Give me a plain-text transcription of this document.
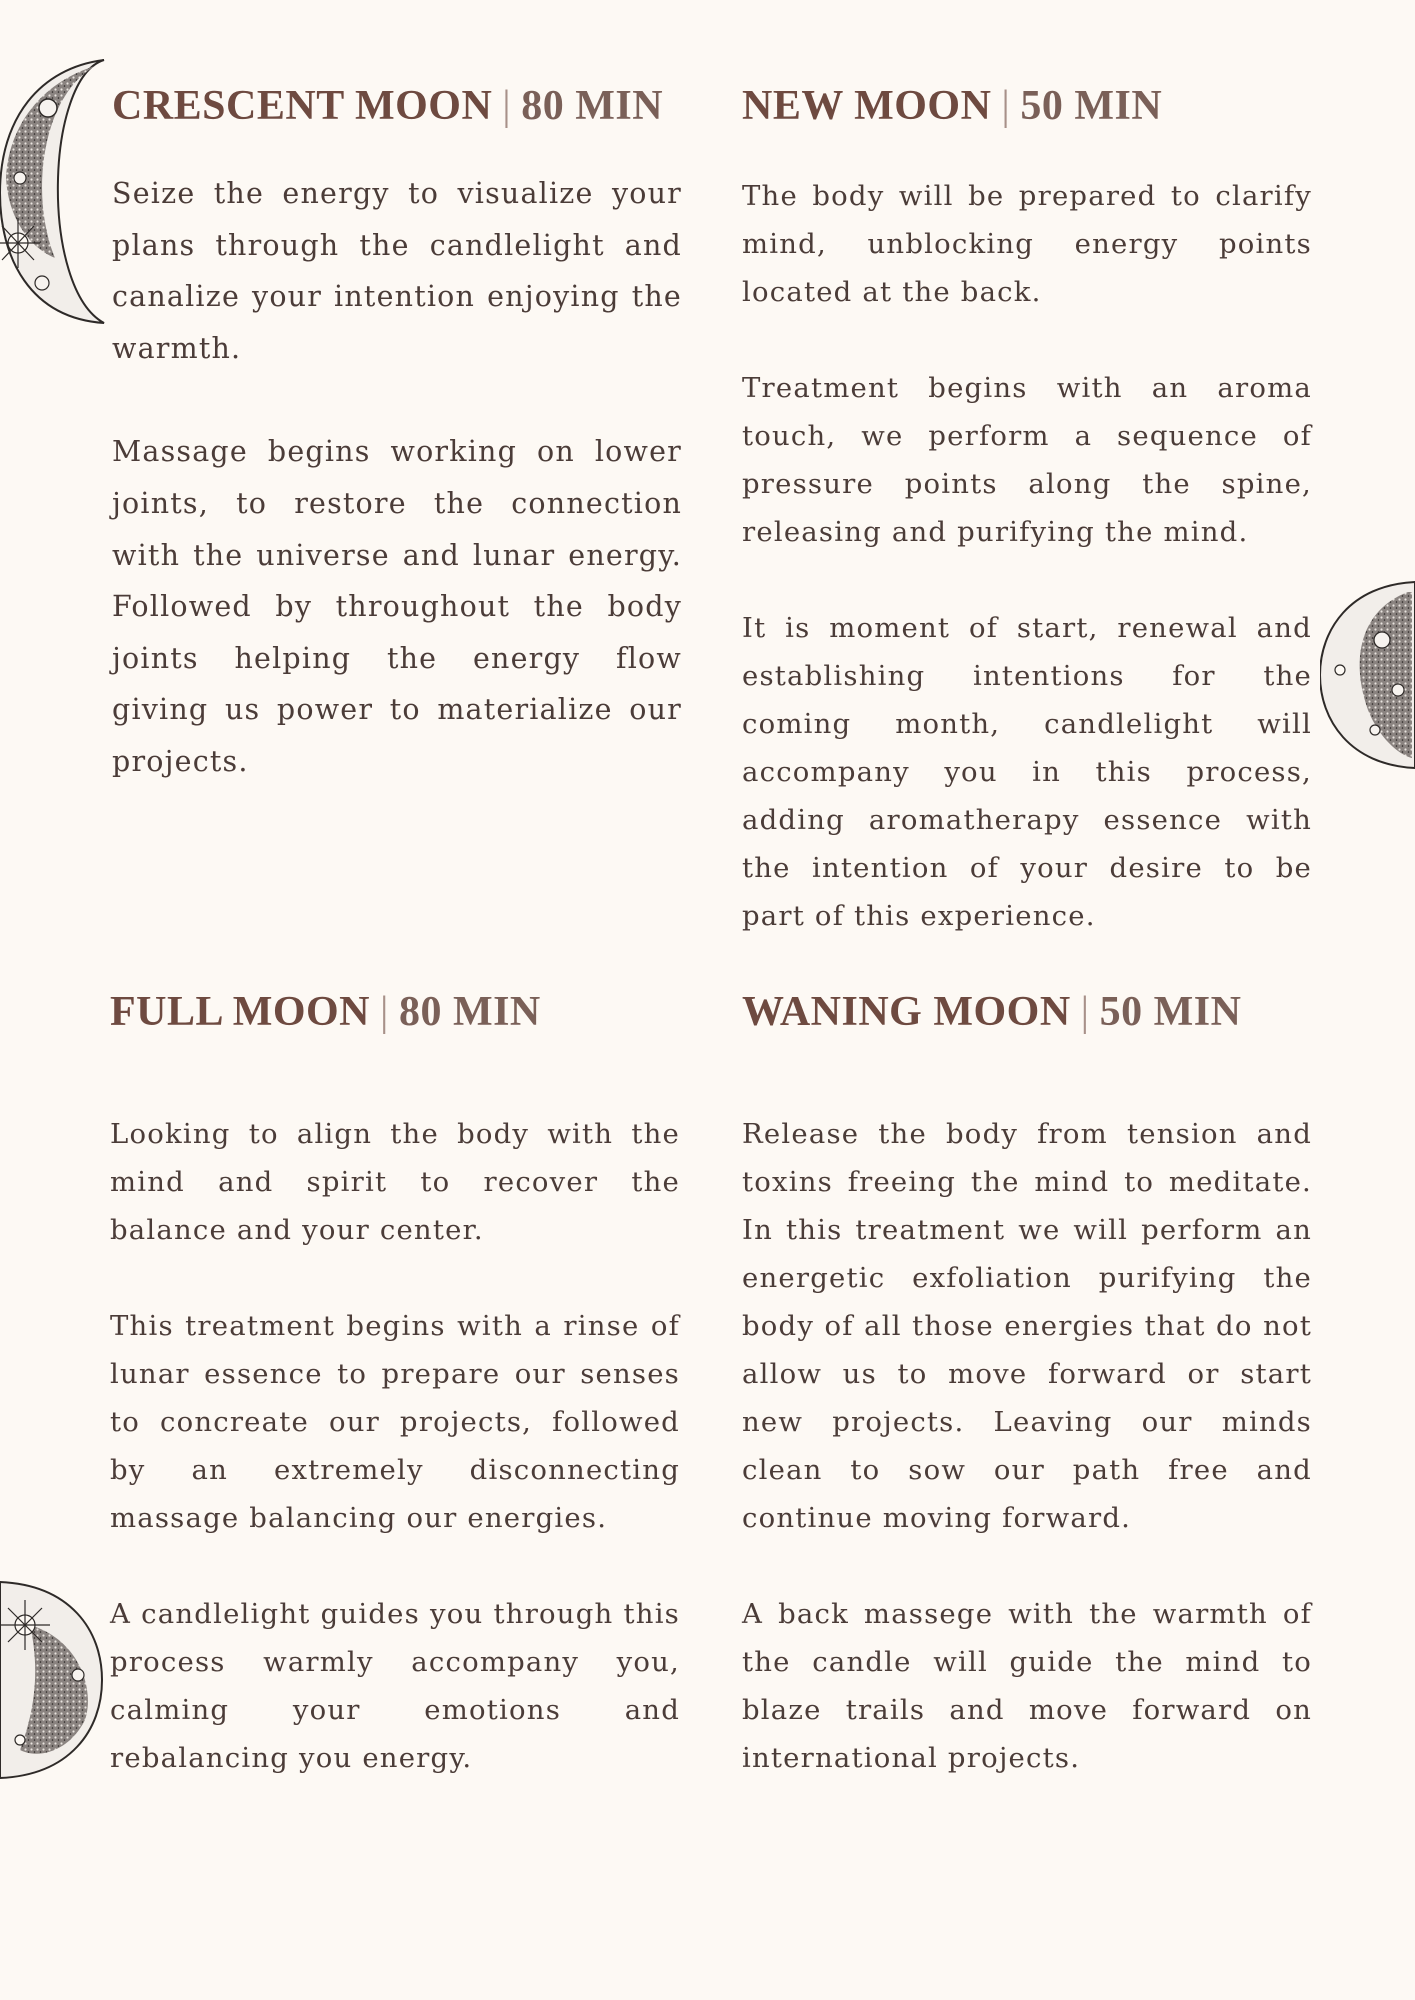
CRESCENT MOON | 80 MIN

Seize the energy to visualize your plans through the candlelight and canalize your intention enjoying the warmth.

Massage begins working on lower joints, to restore the connection with the universe and lunar energy. Followed by throughout the body joints helping the energy flow giving us power to materialize our projects.

NEW MOON | 50 MIN

The body will be prepared to clarify mind, unblocking energy points located at the back.

Treatment begins with an aroma touch, we perform a sequence of pressure points along the spine, releasing and purifying the mind.

It is moment of start, renewal and establishing intentions for the coming month, candlelight will accompany you in this process, adding aromatherapy essence with the intention of your desire to be part of this experience.

FULL MOON | 80 MIN

Looking to align the body with the mind and spirit to recover the balance and your center.

This treatment begins with a rinse of lunar essence to prepare our senses to concreate our projects, followed by an extremely disconnecting massage balancing our energies.

A candlelight guides you through this process warmly accompany you, calming your emotions and rebalancing you energy.

WANING MOON | 50 MIN

Release the body from tension and toxins freeing the mind to meditate. In this treatment we will perform an energetic exfoliation purifying the body of all those energies that do not allow us to move forward or start new projects. Leaving our minds clean to sow our path free and continue moving forward.

A back massege with the warmth of the candle will guide the mind to blaze trails and move forward on international projects.
